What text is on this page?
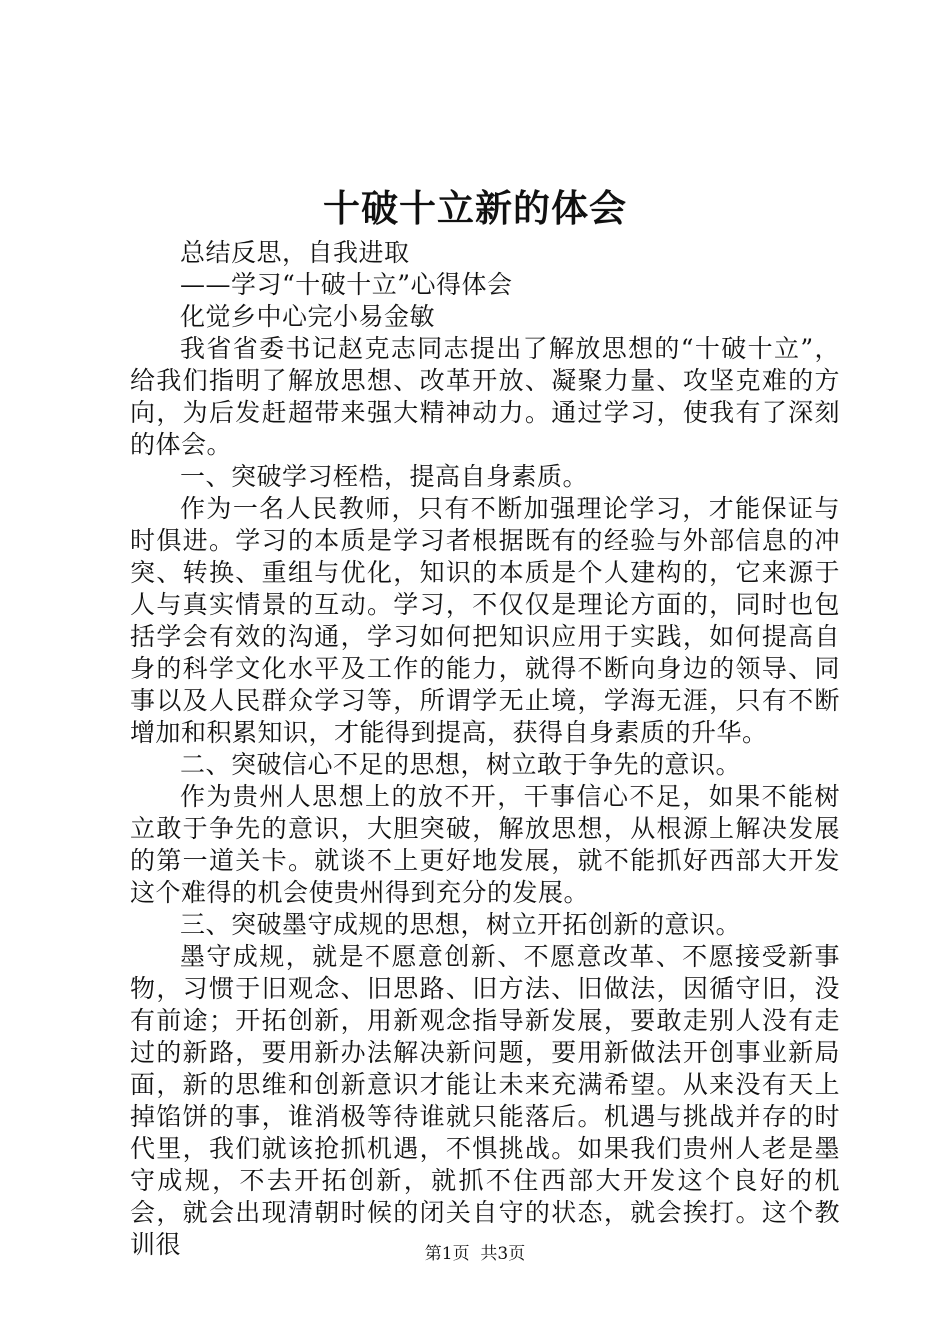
十破十立新的体会

总结反思，自我进取

——学习“十破十立”心得体会

化觉乡中心完小易金敏

我省省委书记赵克志同志提出了解放思想的“十破十立”，给我们指明了解放思想、改革开放、凝聚力量、攻坚克难的方向，为后发赶超带来强大精神动力。通过学习，使我有了深刻的体会。

一、突破学习桎梏，提高自身素质。

作为一名人民教师，只有不断加强理论学习，才能保证与时俱进。学习的本质是学习者根据既有的经验与外部信息的冲突、转换、重组与优化，知识的本质是个人建构的，它来源于人与真实情景的互动。学习，不仅仅是理论方面的，同时也包括学会有效的沟通，学习如何把知识应用于实践，如何提高自身的科学文化水平及工作的能力，就得不断向身边的领导、同事以及人民群众学习等，所谓学无止境，学海无涯，只有不断增加和积累知识，才能得到提高，获得自身素质的升华。

二、突破信心不足的思想，树立敢于争先的意识。

作为贵州人思想上的放不开，干事信心不足，如果不能树立敢于争先的意识，大胆突破，解放思想，从根源上解决发展的第一道关卡。就谈不上更好地发展，就不能抓好西部大开发这个难得的机会使贵州得到充分的发展。

三、突破墨守成规的思想，树立开拓创新的意识。

墨守成规，就是不愿意创新、不愿意改革、不愿接受新事物，习惯于旧观念、旧思路、旧方法、旧做法，因循守旧，没有前途；开拓创新，用新观念指导新发展，要敢走别人没有走过的新路，要用新办法解决新问题，要用新做法开创事业新局面，新的思维和创新意识才能让未来充满希望。从来没有天上掉馅饼的事，谁消极等待谁就只能落后。机遇与挑战并存的时代里，我们就该抢抓机遇，不惧挑战。如果我们贵州人老是墨守成规，不去开拓创新，就抓不住西部大开发这个良好的机会，就会出现清朝时候的闭关自守的状态，就会挨打。这个教训很	第1页  共3页
